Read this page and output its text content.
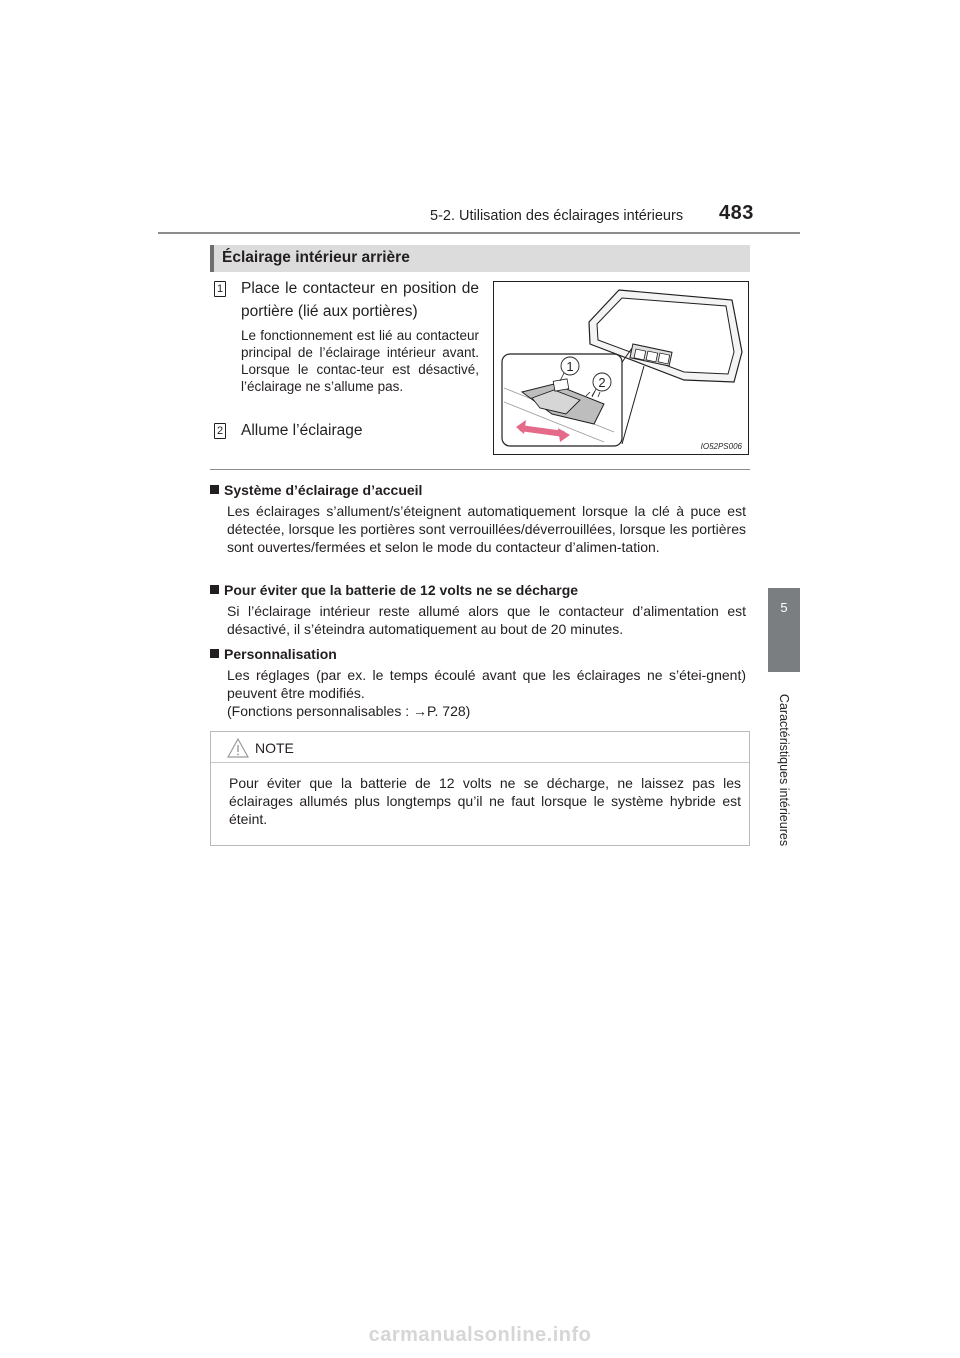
5-2. Utilisation des éclairages intérieurs 483
5
Caractéristiques intérieures
Éclairage intérieur arrière
1 Place le contacteur en position de portière (lié aux portières)
Le fonctionnement est lié au contacteur principal de l’éclairage intérieur avant. Lorsque le contac-teur est désactivé, l’éclairage ne s’allume pas.
2 Allume l’éclairage
1
2
IO52PS006
Système d’éclairage d’accueil
Les éclairages s’allument/s’éteignent automatiquement lorsque la clé à puce est détectée, lorsque les portières sont verrouillées/déverrouillées, lorsque les portières sont ouvertes/fermées et selon le mode du contacteur d’alimen-tation.
Pour éviter que la batterie de 12 volts ne se décharge
Si l’éclairage intérieur reste allumé alors que le contacteur d’alimentation est désactivé, il s’éteindra automatiquement au bout de 20 minutes.
Personnalisation
Les réglages (par ex. le temps écoulé avant que les éclairages ne s’étei-gnent) peuvent être modifiés.
(Fonctions personnalisables : →P. 728)
NOTE
Pour éviter que la batterie de 12 volts ne se décharge, ne laissez pas les éclairages allumés plus longtemps qu’il ne faut lorsque le système hybride est éteint.
carmanualsonline.info
